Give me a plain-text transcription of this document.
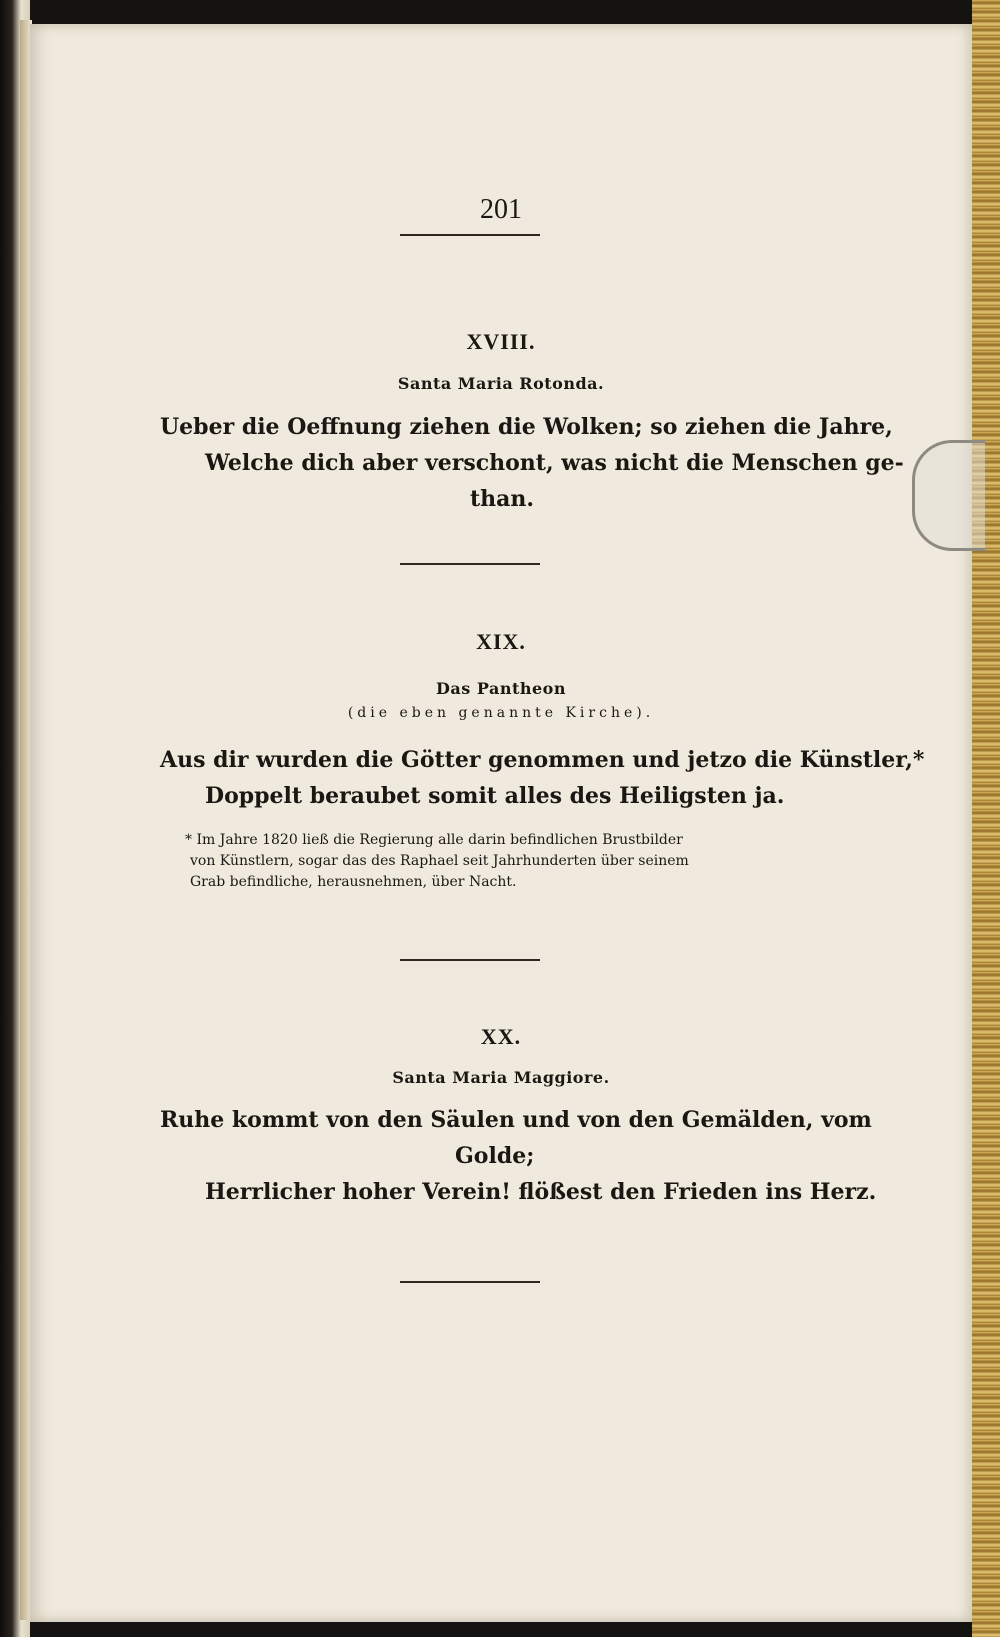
201
XVIII.
Santa Maria Rotonda.
Ueber die Oeffnung ziehen die Wolken; so ziehen die Jahre,
Welche dich aber verschont, was nicht die Menschen ge-
than.
XIX.
Das Pantheon
(die eben genannte Kirche).
Aus dir wurden die Götter genommen und jetzo die Künstler,*
Doppelt beraubet somit alles des Heiligsten ja.
* Im Jahre 1820 ließ die Regierung alle darin befindlichen Brustbilder
von Künstlern, sogar das des Raphael seit Jahrhunderten über seinem
Grab befindliche, herausnehmen, über Nacht.
XX.
Santa Maria Maggiore.
Ruhe kommt von den Säulen und von den Gemälden, vom
Golde;
Herrlicher hoher Verein! flößest den Frieden ins Herz.
